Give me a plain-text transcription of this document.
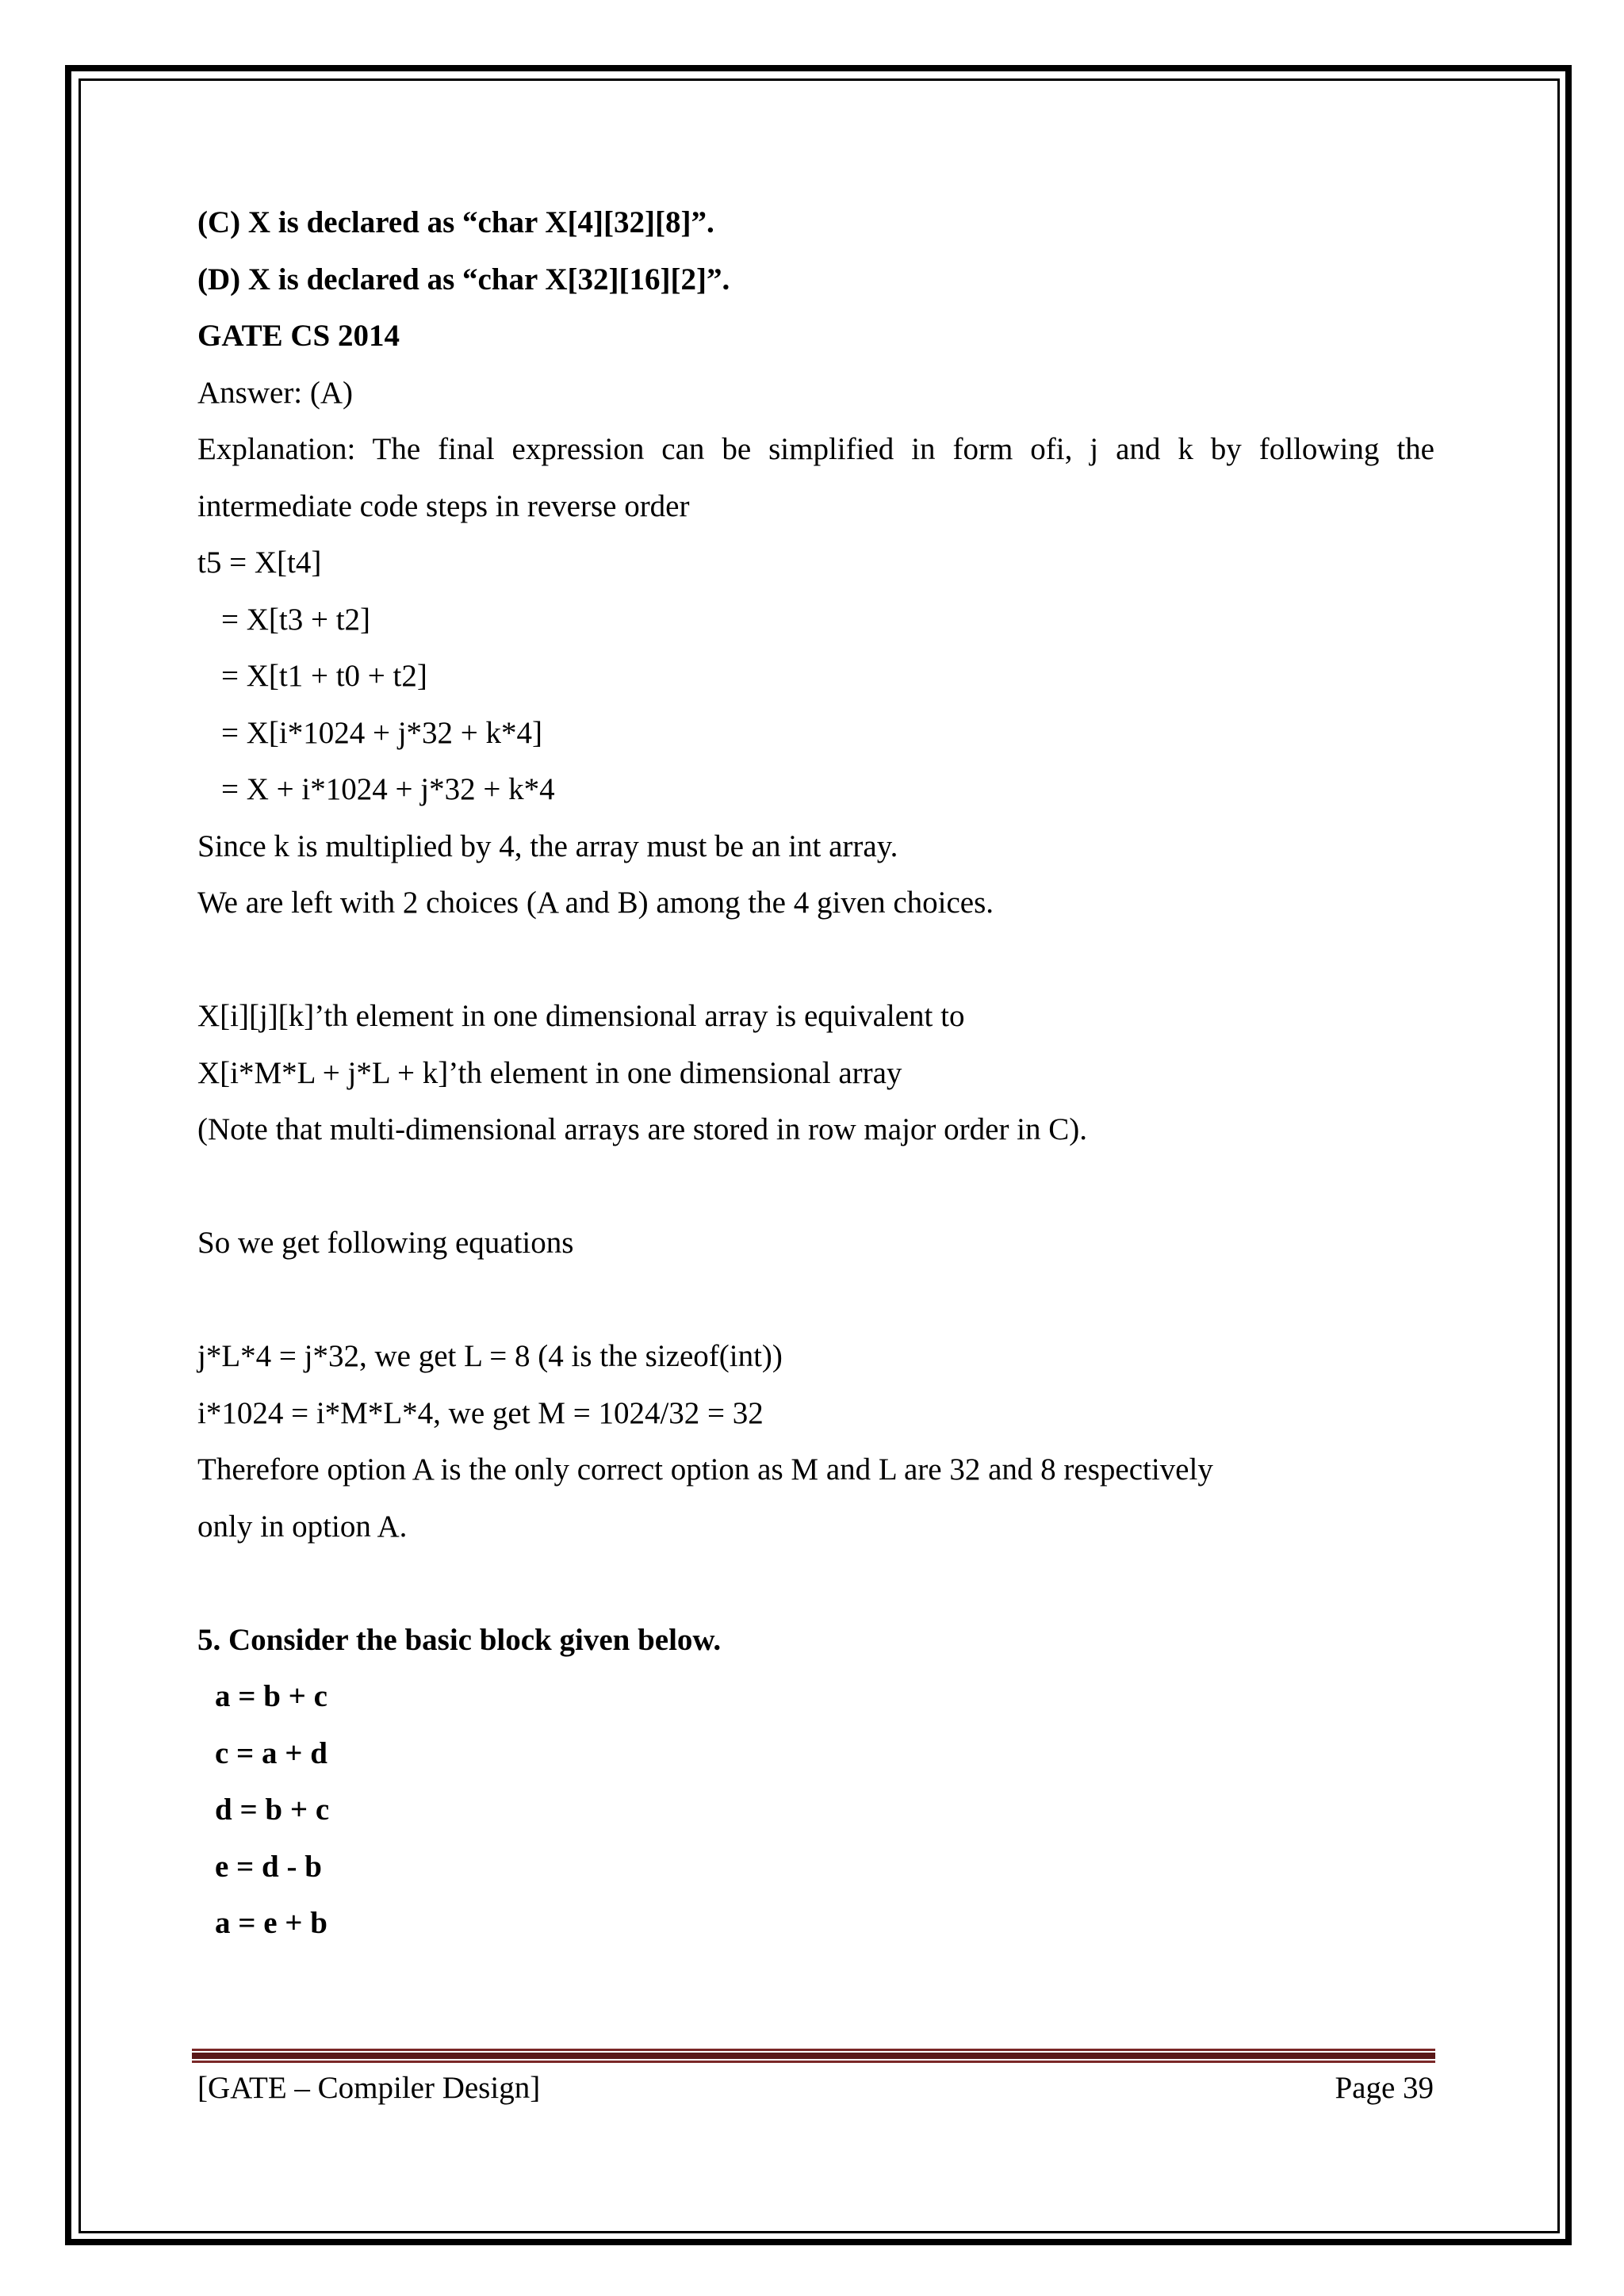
(C) X is declared as “char X[4][32][8]”.
(D) X is declared as “char X[32][16][2]”.
GATE CS 2014
Answer: (A)
Explanation: The final expression can be simplified in form ofi, j and k by following the intermediate code steps in reverse order
t5 = X[t4]
= X[t3 + t2]
= X[t1 + t0 + t2]
= X[i*1024 + j*32 + k*4]
= X + i*1024 + j*32 + k*4
Since k is multiplied by 4, the array must be an int array.
We are left with 2 choices (A and B) among the 4 given choices.
X[i][j][k]’th element in one dimensional array is equivalent to
X[i*M*L + j*L + k]’th element in one dimensional array
(Note that multi-dimensional arrays are stored in row major order in C).
So we get following equations
j*L*4 = j*32, we get L = 8 (4 is the sizeof(int))
i*1024 = i*M*L*4, we get M = 1024/32 = 32
Therefore option A is the only correct option as M and L are 32 and 8 respectively
only in option A.
5. Consider the basic block given below.
a = b + c
c = a + d
d = b + c
e = d - b
a = e + b
[GATE – Compiler Design]	Page 39
